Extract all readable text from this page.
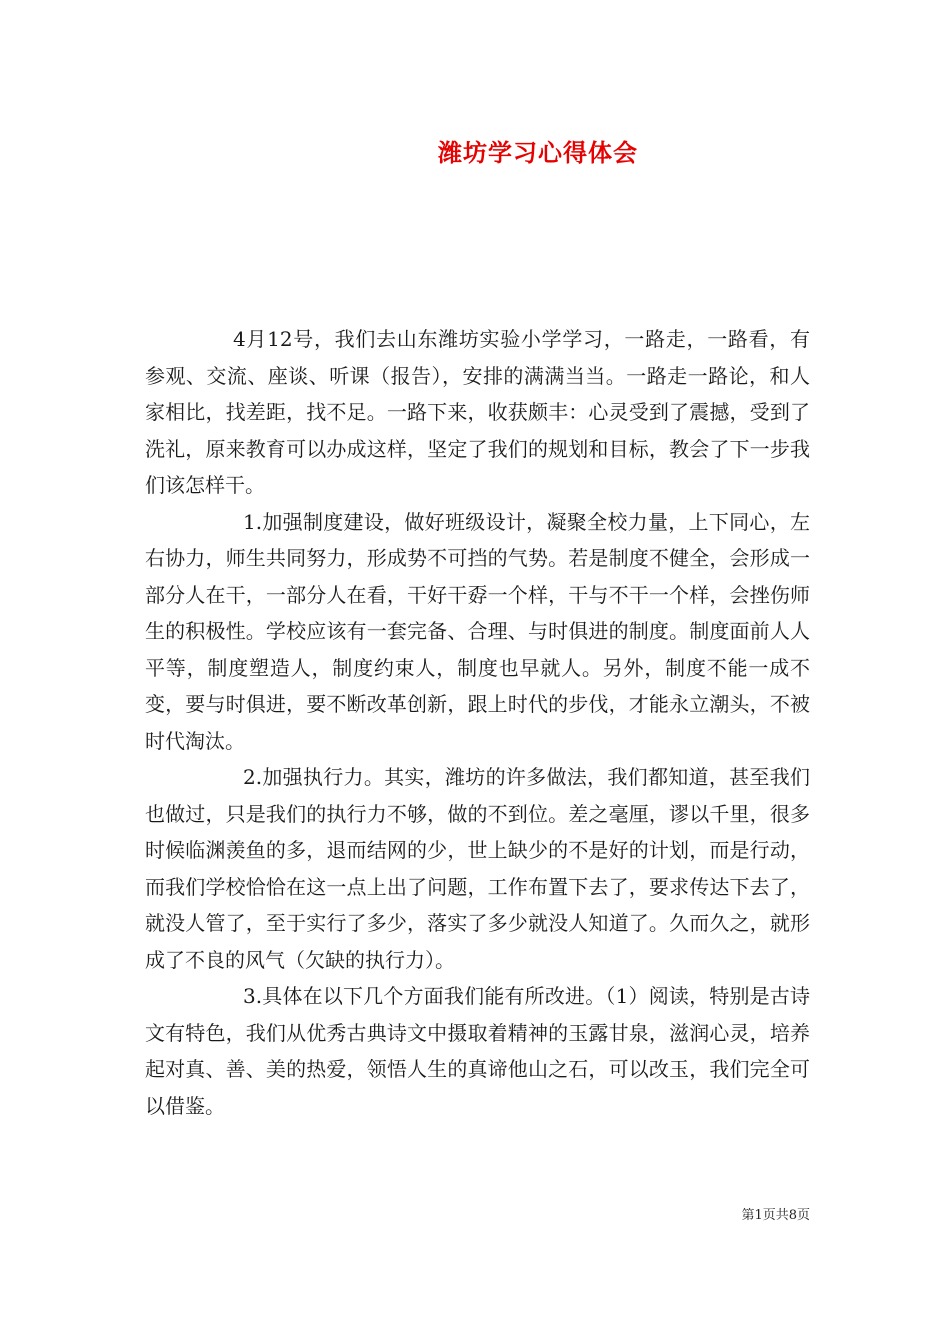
潍坊学习心得体会

4月12号，我们去山东潍坊实验小学学习，一路走，一路看，有参观、交流、座谈、听课（报告），安排的满满当当。一路走一路论，和人家相比，找差距，找不足。一路下来，收获颇丰：心灵受到了震撼，受到了洗礼，原来教育可以办成这样，坚定了我们的规划和目标，教会了下一步我们该怎样干。

1.加强制度建设，做好班级设计，凝聚全校力量，上下同心，左右协力，师生共同努力，形成势不可挡的气势。若是制度不健全，会形成一部分人在干，一部分人在看，干好干孬一个样，干与不干一个样，会挫伤师生的积极性。学校应该有一套完备、合理、与时俱进的制度。制度面前人人平等，制度塑造人，制度约束人，制度也早就人。另外，制度不能一成不变，要与时俱进，要不断改革创新，跟上时代的步伐，才能永立潮头，不被时代淘汰。

2.加强执行力。其实，潍坊的许多做法，我们都知道，甚至我们也做过，只是我们的执行力不够，做的不到位。差之毫厘，谬以千里，很多时候临渊羡鱼的多，退而结网的少，世上缺少的不是好的计划，而是行动，而我们学校恰恰在这一点上出了问题，工作布置下去了，要求传达下去了，就没人管了，至于实行了多少，落实了多少就没人知道了。久而久之，就形成了不良的风气（欠缺的执行力）。

3.具体在以下几个方面我们能有所改进。（1）阅读，特别是古诗文有特色，我们从优秀古典诗文中摄取着精神的玉露甘泉，滋润心灵，培养起对真、善、美的热爱，领悟人生的真谛他山之石，可以改玉，我们完全可以借鉴。

第1页共8页
